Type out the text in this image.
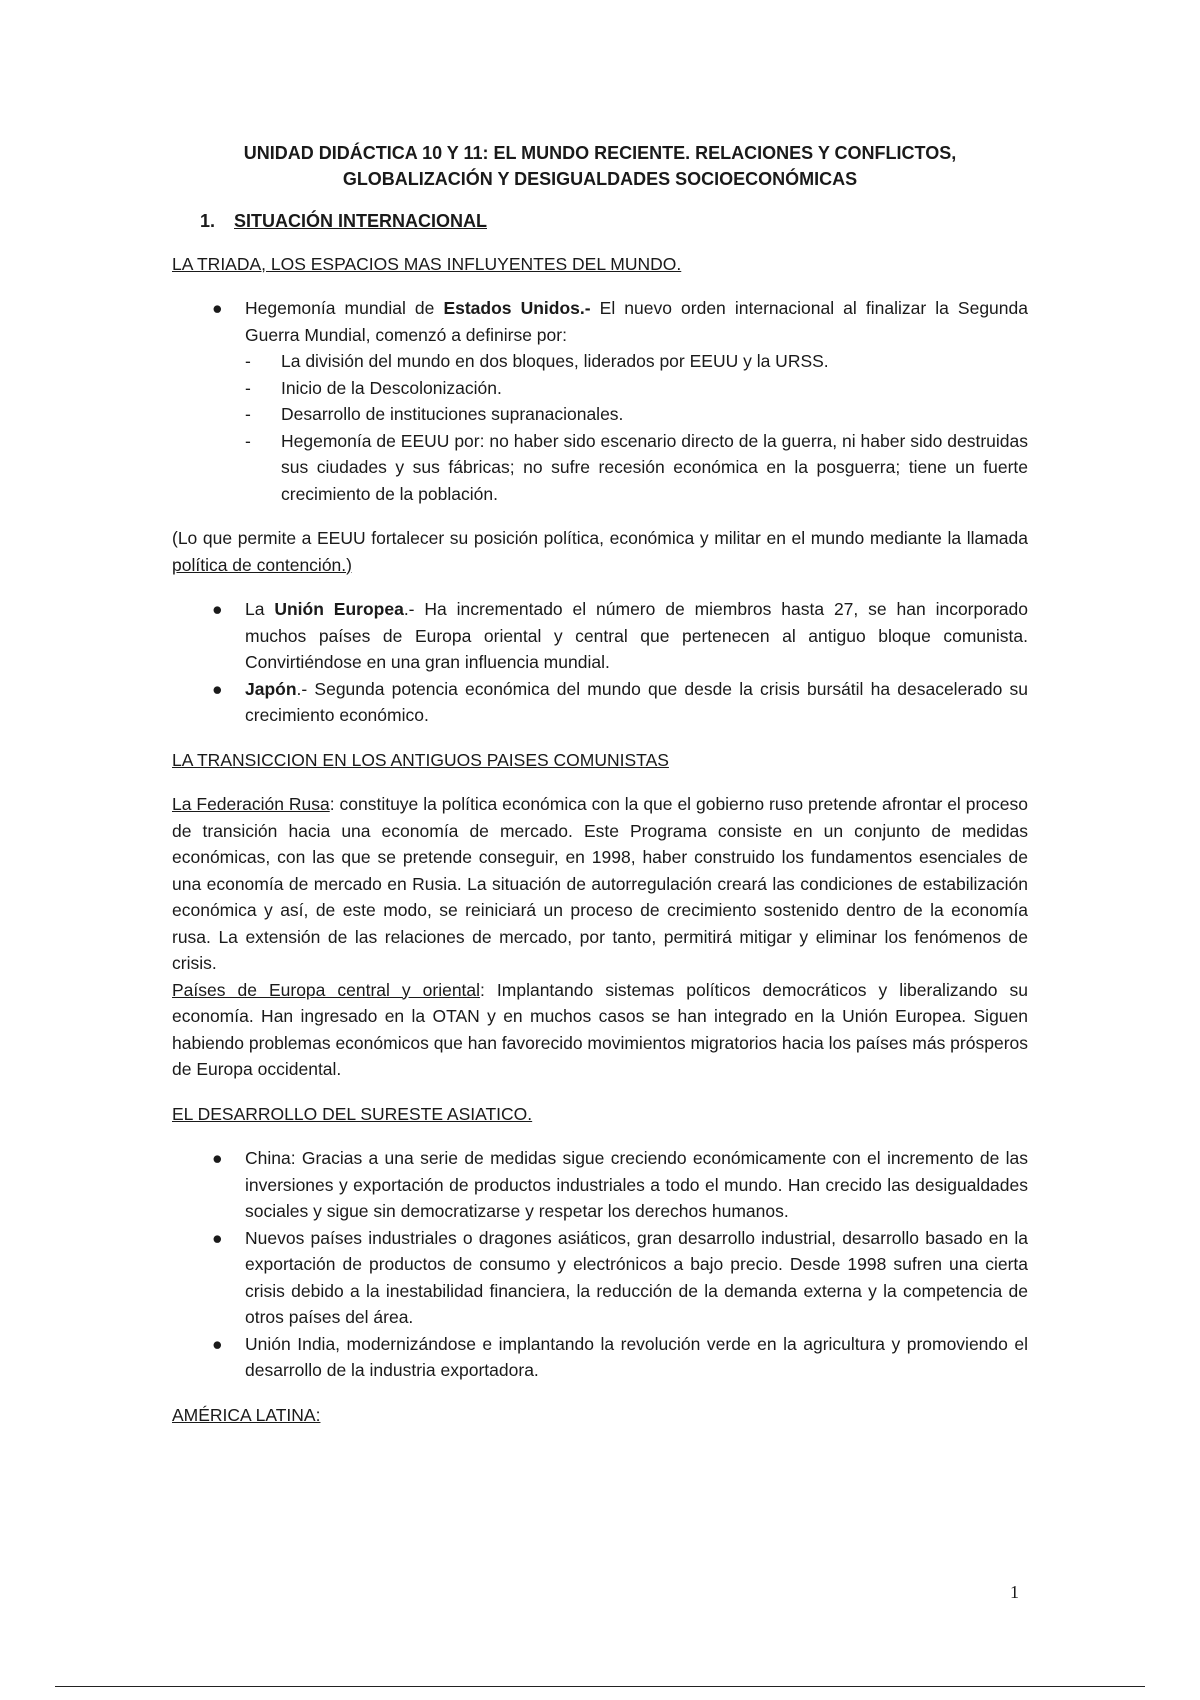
UNIDAD DIDÁCTICA 10 Y 11: EL MUNDO RECIENTE. RELACIONES Y CONFLICTOS,
GLOBALIZACIÓN Y DESIGUALDADES SOCIOECONÓMICAS
1. SITUACIÓN INTERNACIONAL
LA TRIADA, LOS ESPACIOS MAS INFLUYENTES DEL MUNDO.
● Hegemonía mundial de Estados Unidos.- El nuevo orden internacional al finalizar la Segunda Guerra Mundial, comenzó a definirse por:
- La división del mundo en dos bloques, liderados por EEUU y la URSS.
- Inicio de la Descolonización.
- Desarrollo de instituciones supranacionales.
- Hegemonía de EEUU por: no haber sido escenario directo de la guerra, ni haber sido destruidas sus ciudades y sus fábricas; no sufre recesión económica en la posguerra; tiene un fuerte crecimiento de la población.

(Lo que permite a EEUU fortalecer su posición política, económica y militar en el mundo mediante la llamada política de contención.)

● La Unión Europea.- Ha incrementado el número de miembros hasta 27, se han incorporado muchos países de Europa oriental y central que pertenecen al antiguo bloque comunista. Convirtiéndose en una gran influencia mundial.
● Japón.- Segunda potencia económica del mundo que desde la crisis bursátil ha desacelerado su crecimiento económico.
LA TRANSICCION EN LOS ANTIGUOS PAISES COMUNISTAS

La Federación Rusa: constituye la política económica con la que el gobierno ruso pretende afrontar el proceso de transición hacia una economía de mercado. Este Programa consiste en un conjunto de medidas económicas, con las que se pretende conseguir, en 1998, haber construido los fundamentos esenciales de una economía de mercado en Rusia. La situación de autorregulación creará las condiciones de estabilización económica y así, de este modo, se reiniciará un proceso de crecimiento sostenido dentro de la economía rusa. La extensión de las relaciones de mercado, por tanto, permitirá mitigar y eliminar los fenómenos de crisis.

Países de Europa central y oriental: Implantando sistemas políticos democráticos y liberalizando su economía. Han ingresado en la OTAN y en muchos casos se han integrado en la Unión Europea. Siguen habiendo problemas económicos que han favorecido movimientos migratorios hacia los países más prósperos de Europa occidental.

EL DESARROLLO DEL SURESTE ASIATICO.
● China: Gracias a una serie de medidas sigue creciendo económicamente con el incremento de las inversiones y exportación de productos industriales a todo el mundo. Han crecido las desigualdades sociales y sigue sin democratizarse y respetar los derechos humanos.
● Nuevos países industriales o dragones asiáticos, gran desarrollo industrial, desarrollo basado en la exportación de productos de consumo y electrónicos a bajo precio. Desde 1998 sufren una cierta crisis debido a la inestabilidad financiera, la reducción de la demanda externa y la competencia de otros países del área.
● Unión India, modernizándose e implantando la revolución verde en la agricultura y promoviendo el desarrollo de la industria exportadora.
AMÉRICA LATINA:
1
